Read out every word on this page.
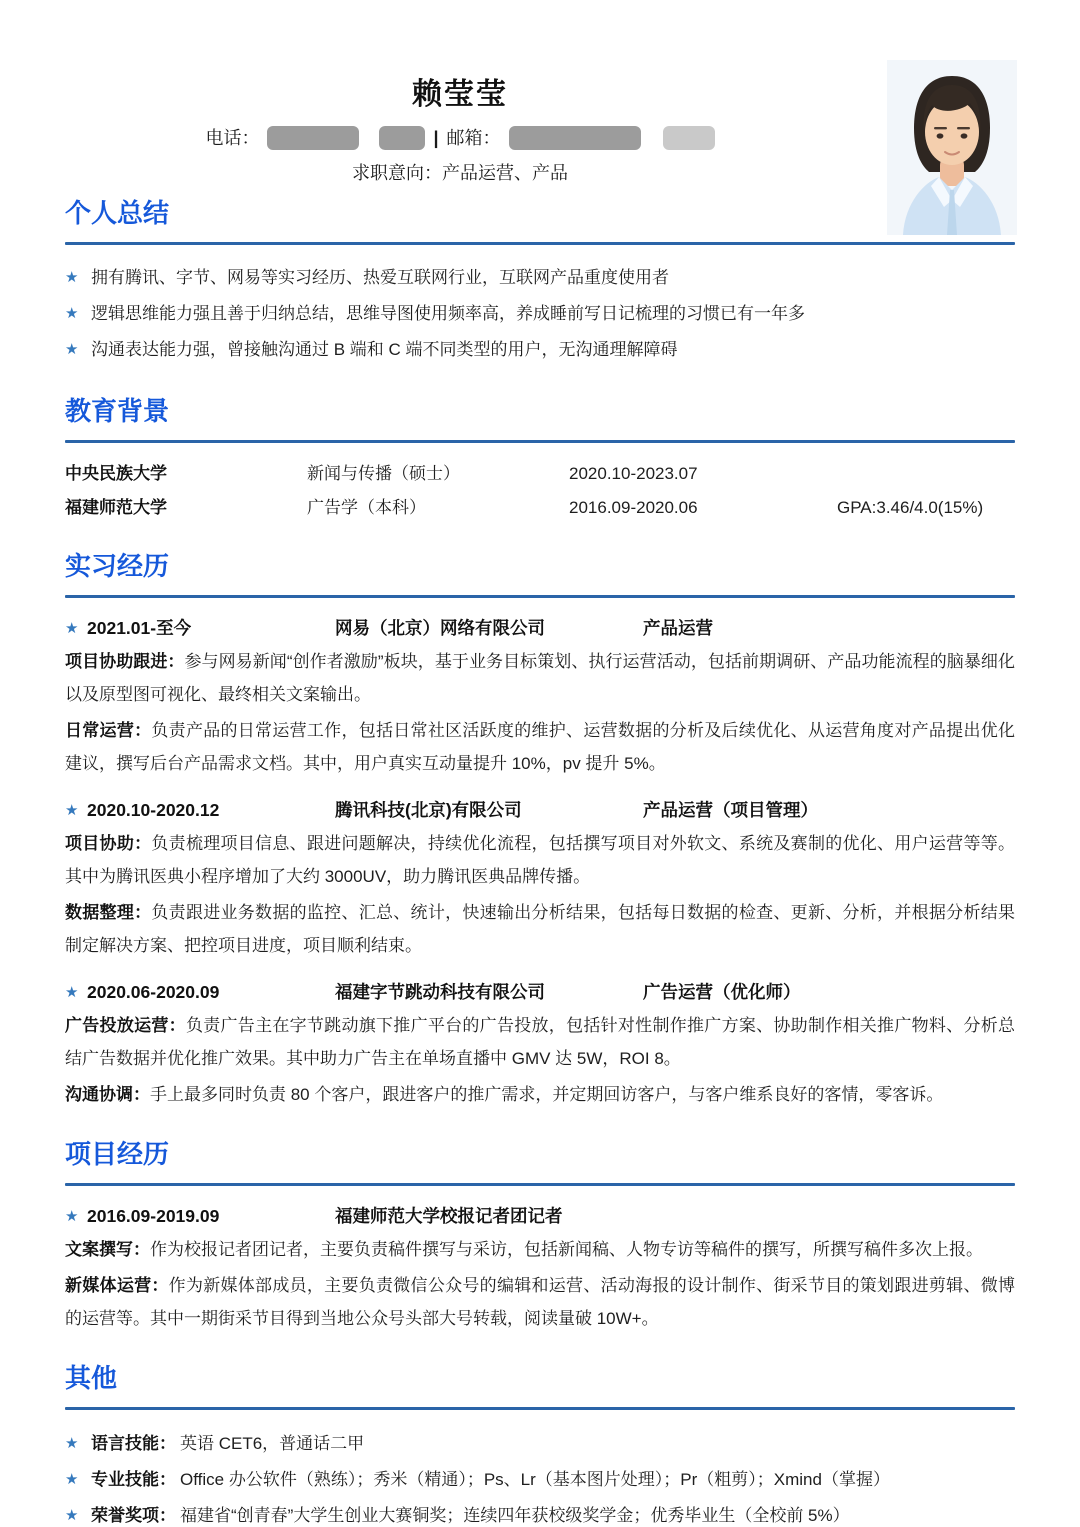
赖莹莹
电话：	| 邮箱：
求职意向：产品运营、产品
个人总结
★ 拥有腾讯、字节、网易等实习经历、热爱互联网行业，互联网产品重度使用者
★ 逻辑思维能力强且善于归纳总结，思维导图使用频率高，养成睡前写日记梳理的习惯已有一年多
★ 沟通表达能力强，曾接触沟通过 B 端和 C 端不同类型的用户，无沟通理解障碍
教育背景
中央民族大学	新闻与传播（硕士）	2020.10-2023.07
福建师范大学	广告学（本科）	2016.09-2020.06	GPA:3.46/4.0(15%)
实习经历
★ 2021.01-至今	网易（北京）网络有限公司	产品运营

项目协助跟进：参与网易新闻“创作者激励”板块，基于业务目标策划、执行运营活动，包括前期调研、产品功能流程的脑暴细化以及原型图可视化、最终相关文案输出。

日常运营：负责产品的日常运营工作，包括日常社区活跃度的维护、运营数据的分析及后续优化、从运营角度对产品提出优化建议，撰写后台产品需求文档。其中，用户真实互动量提升 10%，pv 提升 5%。

★ 2020.10-2020.12	腾讯科技(北京)有限公司	产品运营（项目管理）

项目协助：负责梳理项目信息、跟进问题解决，持续优化流程，包括撰写项目对外软文、系统及赛制的优化、用户运营等等。其中为腾讯医典小程序增加了大约 3000UV，助力腾讯医典品牌传播。

数据整理：负责跟进业务数据的监控、汇总、统计，快速输出分析结果，包括每日数据的检查、更新、分析，并根据分析结果制定解决方案、把控项目进度，项目顺利结束。

★ 2020.06-2020.09	福建字节跳动科技有限公司	广告运营（优化师）

广告投放运营：负责广告主在字节跳动旗下推广平台的广告投放，包括针对性制作推广方案、协助制作相关推广物料、分析总结广告数据并优化推广效果。其中助力广告主在单场直播中 GMV 达 5W，ROI 8。

沟通协调：手上最多同时负责 80 个客户，跟进客户的推广需求，并定期回访客户，与客户维系良好的客情，零客诉。

项目经历
★ 2016.09-2019.09	福建师范大学校报记者团记者

文案撰写：作为校报记者团记者，主要负责稿件撰写与采访，包括新闻稿、人物专访等稿件的撰写，所撰写稿件多次上报。

新媒体运营：作为新媒体部成员，主要负责微信公众号的编辑和运营、活动海报的设计制作、街采节目的策划跟进剪辑、微博的运营等。其中一期街采节目得到当地公众号头部大号转载，阅读量破 10W+。

其他
★ 语言技能： 英语 CET6，普通话二甲
★ 专业技能： Office 办公软件（熟练）；秀米（精通）；Ps、Lr（基本图片处理）；Pr（粗剪）；Xmind（掌握）
★ 荣誉奖项： 福建省“创青春”大学生创业大赛铜奖；连续四年获校级奖学金；优秀毕业生（全校前 5%）
